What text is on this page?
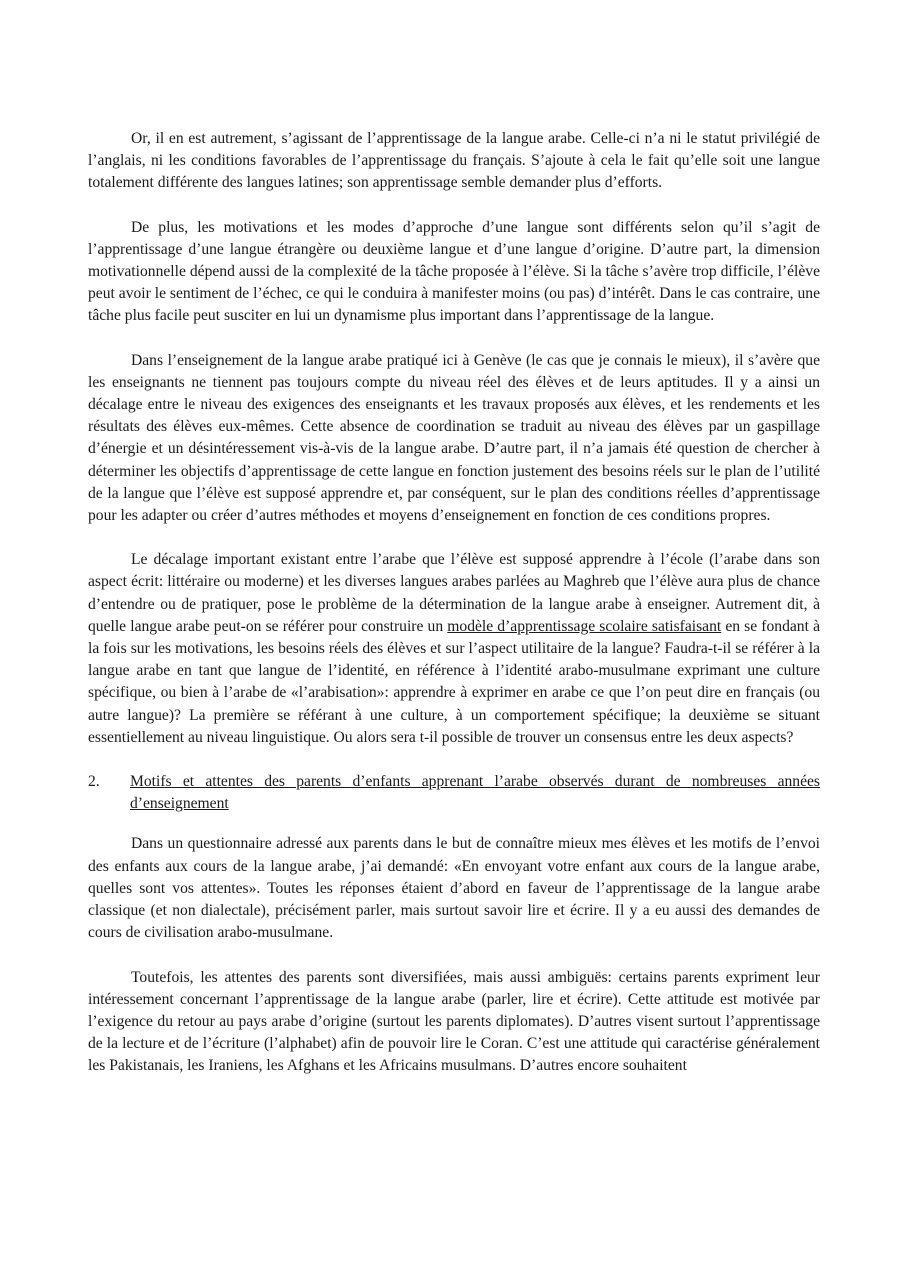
Or, il en est autrement, s’agissant de l’apprentissage de la langue arabe. Celle-ci n’a ni le statut privilégié de l’anglais, ni les conditions favorables de l’apprentissage du français. S’ajoute à cela le fait qu’elle soit une langue totalement différente des langues latines; son apprentissage semble demander plus d’efforts.

De plus, les motivations et les modes d’approche d’une langue sont différents selon qu’il s’agit de l’apprentissage d’une langue étrangère ou deuxième langue et d’une langue d’origine. D’autre part, la dimension motivationnelle dépend aussi de la complexité de la tâche proposée à l’élève. Si la tâche s’avère trop difficile, l’élève peut avoir le sentiment de l’échec, ce qui le conduira à manifester moins (ou pas) d’intérêt. Dans le cas contraire, une tâche plus facile peut susciter en lui un dynamisme plus important dans l’apprentissage de la langue.

Dans l’enseignement de la langue arabe pratiqué ici à Genève (le cas que je connais le mieux), il s’avère que les enseignants ne tiennent pas toujours compte du niveau réel des élèves et de leurs aptitudes. Il y a ainsi un décalage entre le niveau des exigences des enseignants et les travaux proposés aux élèves, et les rendements et les résultats des élèves eux-mêmes. Cette absence de coordination se traduit au niveau des élèves par un gaspillage d’énergie et un désintéressement vis-à-vis de la langue arabe. D’autre part, il n’a jamais été question de chercher à déterminer les objectifs d’apprentissage de cette langue en fonction justement des besoins réels sur le plan de l’utilité de la langue que l’élève est supposé apprendre et, par conséquent, sur le plan des conditions réelles d’apprentissage pour les adapter ou créer d’autres méthodes et moyens d’enseignement en fonction de ces conditions propres.

Le décalage important existant entre l’arabe que l’élève est supposé apprendre à l’école (l’arabe dans son aspect écrit: littéraire ou moderne) et les diverses langues arabes parlées au Maghreb que l’élève aura plus de chance d’entendre ou de pratiquer, pose le problème de la détermination de la langue arabe à enseigner. Autrement dit, à quelle langue arabe peut-on se référer pour construire un modèle d’apprentissage scolaire satisfaisant en se fondant à la fois sur les motivations, les besoins réels des élèves et sur l’aspect utilitaire de la langue? Faudra-t-il se référer à la langue arabe en tant que langue de l’identité, en référence à l’identité arabo-musulmane exprimant une culture spécifique, ou bien à l’arabe de «l’arabisation»: apprendre à exprimer en arabe ce que l’on peut dire en français (ou autre langue)? La première se référant à une culture, à un comportement spécifique; la deuxième se situant essentiellement au niveau linguistique. Ou alors sera t-il possible de trouver un consensus entre les deux aspects?

2.	Motifs et attentes des parents d’enfants apprenant l’arabe observés durant de nombreuses années d’enseignement

Dans un questionnaire adressé aux parents dans le but de connaître mieux mes élèves et les motifs de l’envoi des enfants aux cours de la langue arabe, j’ai demandé: «En envoyant votre enfant aux cours de la langue arabe, quelles sont vos attentes». Toutes les réponses étaient d’abord en faveur de l’apprentissage de la langue arabe classique (et non dialectale), précisément parler, mais surtout savoir lire et écrire. Il y a eu aussi des demandes de cours de civilisation arabo-musulmane.

Toutefois, les attentes des parents sont diversifiées, mais aussi ambiguës: certains parents expriment leur intéressement concernant l’apprentissage de la langue arabe (parler, lire et écrire). Cette attitude est motivée par l’exigence du retour au pays arabe d’origine (surtout les parents diplomates). D’autres visent surtout l’apprentissage de la lecture et de l’écriture (l’alphabet) afin de pouvoir lire le Coran. C’est une attitude qui caractérise généralement les Pakistanais, les Iraniens, les Afghans et les Africains musulmans. D’autres encore souhaitent
